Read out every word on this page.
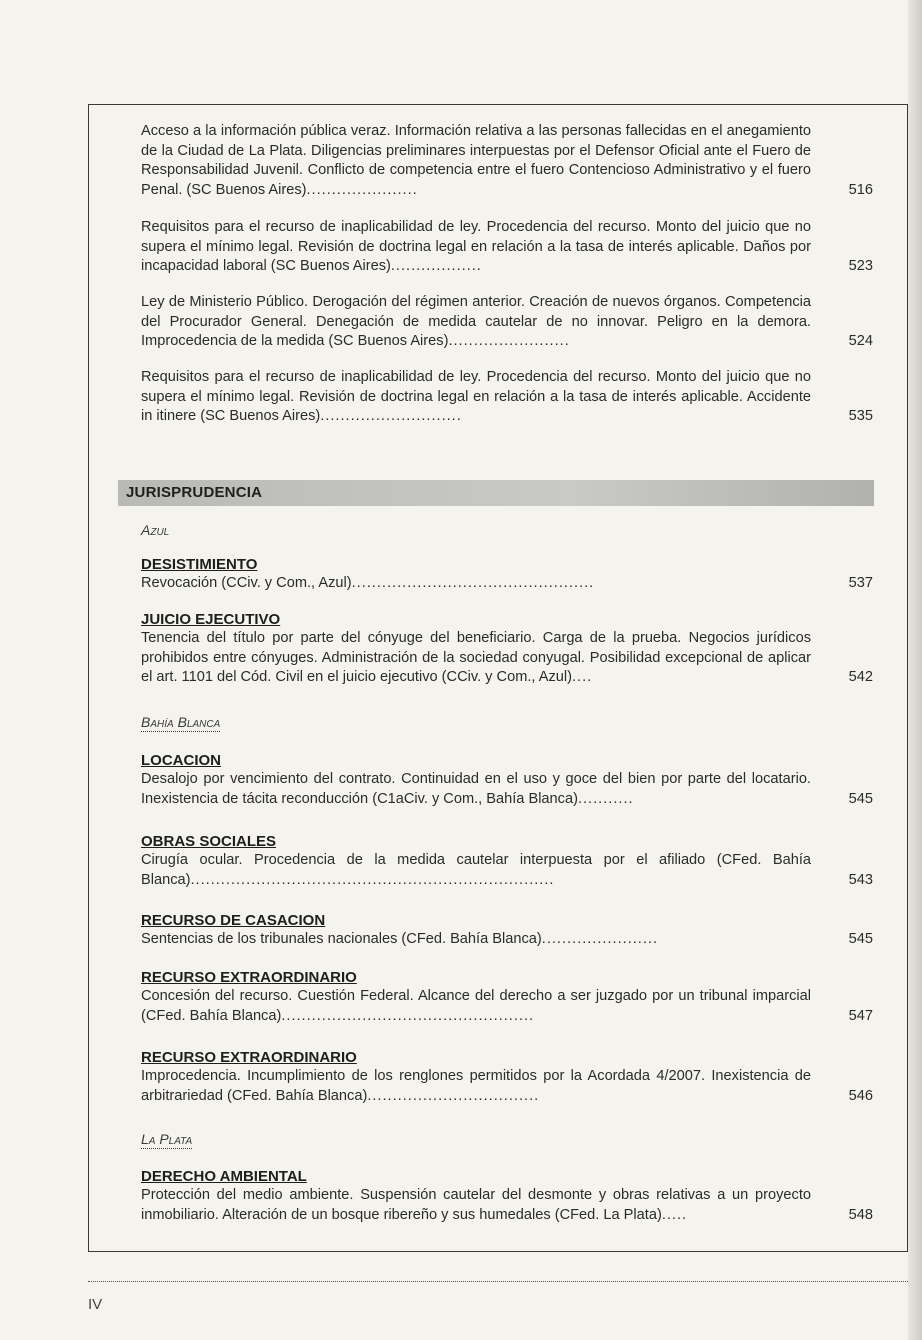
Acceso a la información pública veraz. Información relativa a las personas fallecidas en el anegamiento de la Ciudad de La Plata. Diligencias preliminares interpuestas por el Defensor Oficial ante el Fuero de Responsabilidad Juvenil. Conflicto de competencia entre el fuero Contencioso Administrativo y el fuero Penal. (SC Buenos Aires)......................	516
Requisitos para el recurso de inaplicabilidad de ley. Procedencia del recurso. Monto del juicio que no supera el mínimo legal. Revisión de doctrina legal en relación a la tasa de interés aplicable. Daños por incapacidad laboral (SC Buenos Aires)..................	523
Ley de Ministerio Público. Derogación del régimen anterior. Creación de nuevos órganos. Competencia del Procurador General. Denegación de medida cautelar de no innovar. Peligro en la demora. Improcedencia de la medida (SC Buenos Aires)........................	524
Requisitos para el recurso de inaplicabilidad de ley. Procedencia del recurso. Monto del juicio que no supera el mínimo legal. Revisión de doctrina legal en relación a la tasa de interés aplicable. Accidente in itinere (SC Buenos Aires)............................	535
JURISPRUDENCIA
Azul
DESISTIMIENTO
Revocación (CCiv. y Com., Azul)................................................	537
JUICIO EJECUTIVO
Tenencia del título por parte del cónyuge del beneficiario. Carga de la prueba. Negocios jurídicos prohibidos entre cónyuges. Administración de la sociedad conyugal. Posibilidad excepcional de aplicar el art. 1101 del Cód. Civil en el juicio ejecutivo (CCiv. y Com., Azul)....	542
Bahía Blanca
LOCACION
Desalojo por vencimiento del contrato. Continuidad en el uso y goce del bien por parte del locatario. Inexistencia de tácita reconducción (C1aCiv. y Com., Bahía Blanca)...........	545
OBRAS SOCIALES
Cirugía ocular. Procedencia de la medida cautelar interpuesta por el afiliado (CFed. Bahía Blanca)........................................................................	543
RECURSO DE CASACION
Sentencias de los tribunales nacionales (CFed. Bahía Blanca).......................	545
RECURSO EXTRAORDINARIO
Concesión del recurso. Cuestión Federal. Alcance del derecho a ser juzgado por un tribunal imparcial (CFed. Bahía Blanca)..................................................	547
RECURSO EXTRAORDINARIO
Improcedencia. Incumplimiento de los renglones permitidos por la Acordada 4/2007. Inexistencia de arbitrariedad (CFed. Bahía Blanca)..................................	546
La Plata
DERECHO AMBIENTAL
Protección del medio ambiente. Suspensión cautelar del desmonte y obras relativas a un proyecto inmobiliario. Alteración de un bosque ribereño y sus humedales (CFed. La Plata).....	548
IV
